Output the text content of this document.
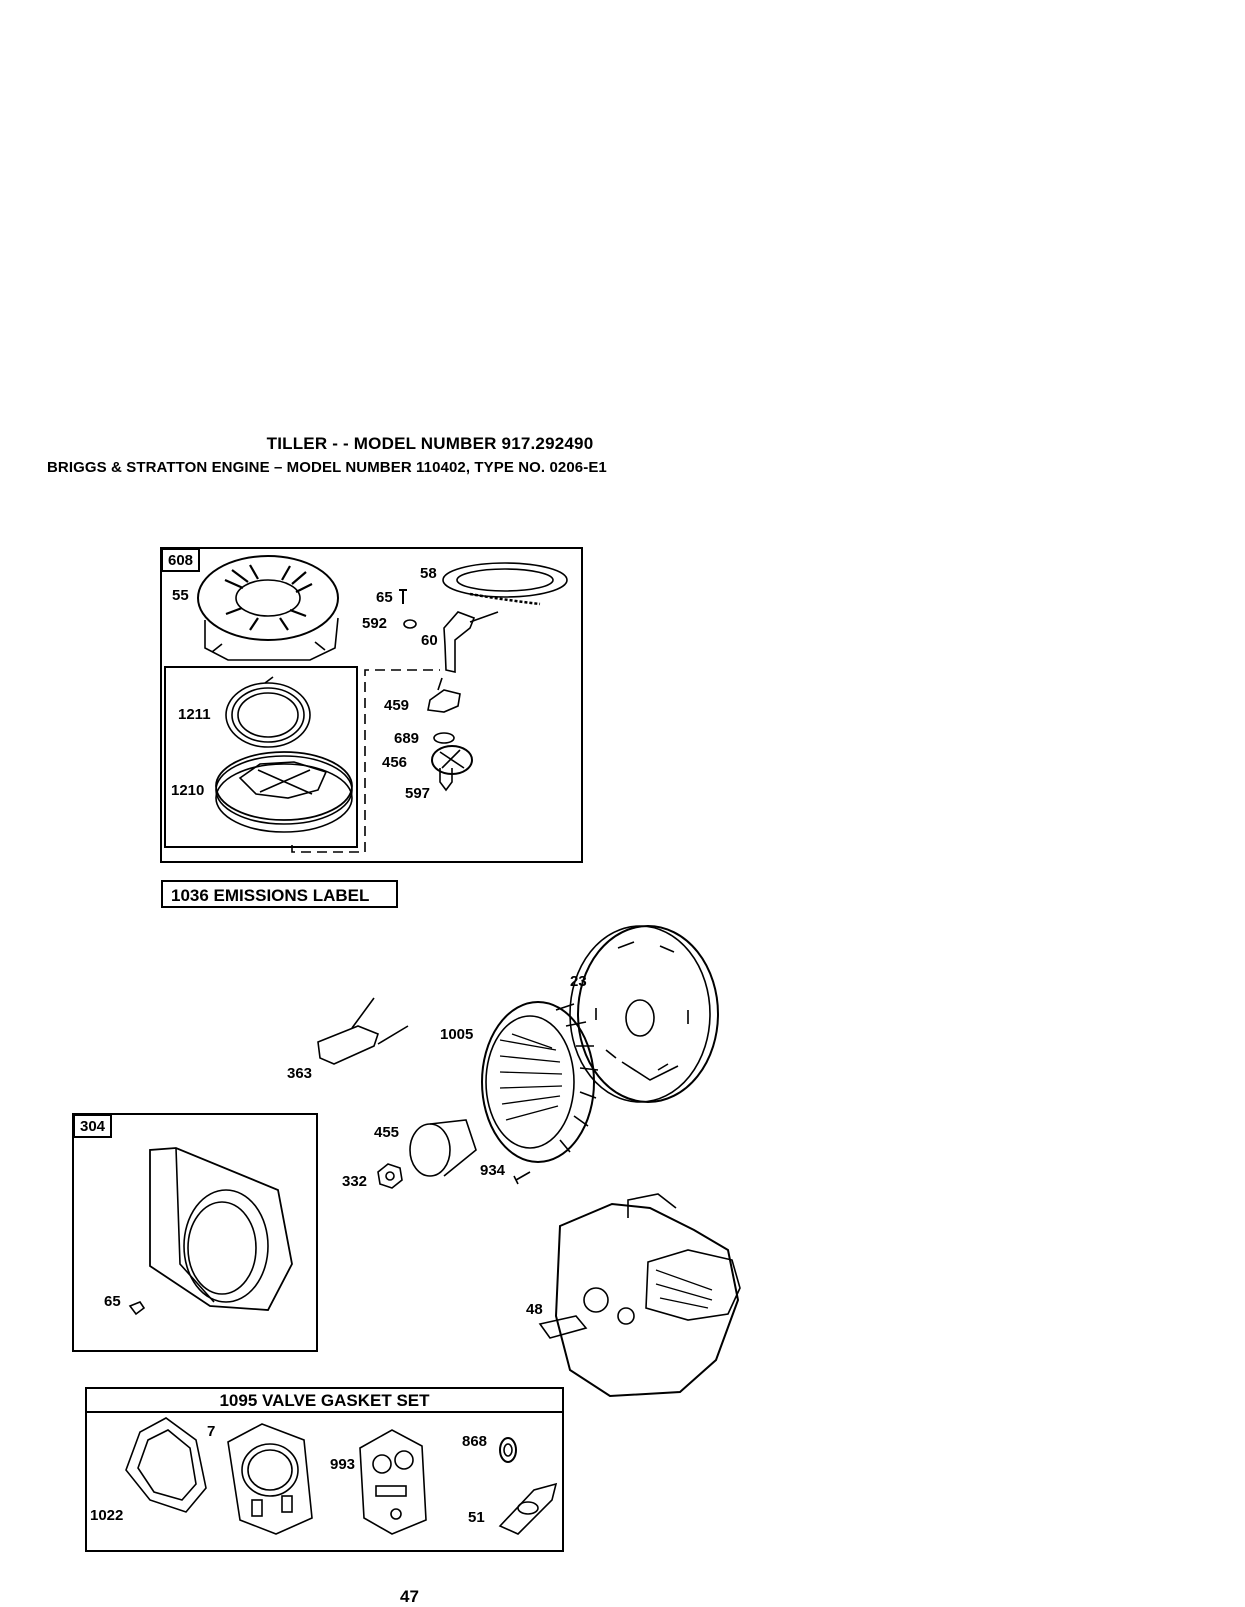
TILLER - - MODEL NUMBER 917.292490
BRIGGS & STRATTON ENGINE – MODEL NUMBER 110402, TYPE NO. 0206-E1
608
55
58
65
592
60
1211
1210
459
689
456
597
1036 EMISSIONS LABEL
23
1005
363
455
332
934
304
65	48
1095 VALVE GASKET SET
1022
7
993
868
51
47
